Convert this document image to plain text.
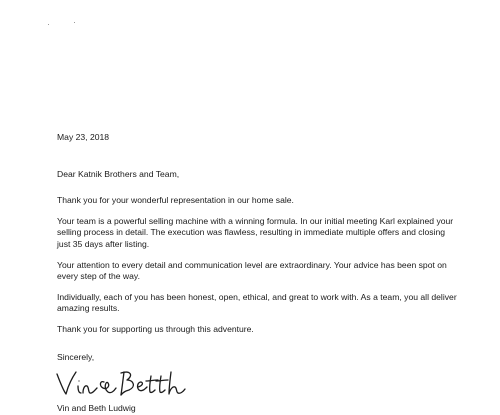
May 23, 2018

Dear Katnik Brothers and Team,

Thank you for your wonderful representation in our home sale.

Your team is a powerful selling machine with a winning formula. In our initial meeting Karl explained your selling process in detail. The execution was flawless, resulting in immediate multiple offers and closing just 35 days after listing.

Your attention to every detail and communication level are extraordinary. Your advice has been spot on every step of the way.

Individually, each of you has been honest, open, ethical, and great to work with. As a team, you all deliver amazing results.

Thank you for supporting us through this adventure.

Sincerely,

Vin and Beth Ludwig
